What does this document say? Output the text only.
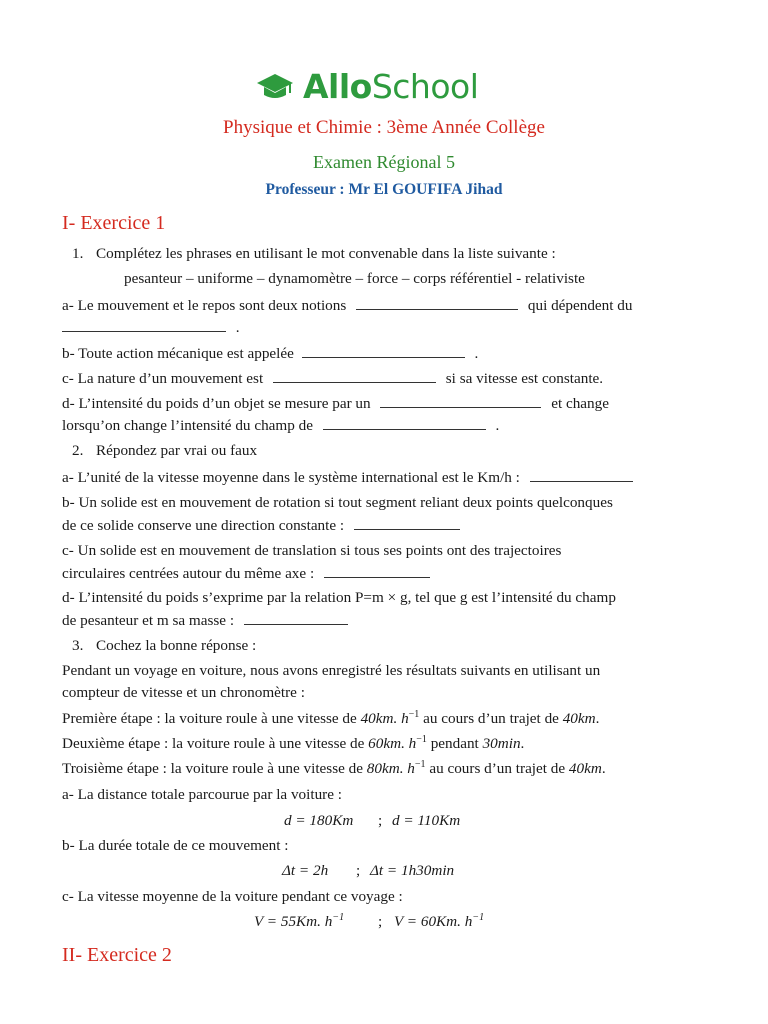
AlloSchool
Physique et Chimie : 3ème Année Collège
Examen Régional 5
Professeur : Mr El GOUFIFA Jihad
I- Exercice 1
1. Complétez les phrases en utilisant le mot convenable dans la liste suivante :
pesanteur – uniforme – dynamomètre – force – corps référentiel - relativiste
a- Le mouvement et le repos sont deux notions	qui dépendent du
.
b- Toute action mécanique est appelée	.
c- La nature d’un mouvement est	si sa vitesse est constante.
d- L’intensité du poids d’un objet se mesure par un	et change
lorsqu’on change l’intensité du champ de	.
2. Répondez par vrai ou faux
a- L’unité de la vitesse moyenne dans le système international est le Km/h :
b- Un solide est en mouvement de rotation si tout segment reliant deux points quelconques
de ce solide conserve une direction constante :
c- Un solide est en mouvement de translation si tous ses points ont des trajectoires
circulaires centrées autour du même axe :
d- L’intensité du poids s’exprime par la relation P=m × g, tel que g est l’intensité du champ
de pesanteur et m sa masse :
3. Cochez la bonne réponse :
Pendant un voyage en voiture, nous avons enregistré les résultats suivants en utilisant un
compteur de vitesse et un chronomètre :
Première étape : la voiture roule à une vitesse de 40km. $h^{-1}$ au cours d’un trajet de 40km.
Deuxième étape : la voiture roule à une vitesse de 60km. $h^{-1}$ pendant 30min.
Troisième étape : la voiture roule à une vitesse de 80km. $h^{-1}$ au cours d’un trajet de 40km.
a- La distance totale parcourue par la voiture :
d = 180Km ; d = 110Km
b- La durée totale de ce mouvement :
Δt = 2h ; Δt = 1h30min
c- La vitesse moyenne de la voiture pendant ce voyage :
V = 55Km. $h^{-1}$ ; V = 60Km. $h^{-1}$
II- Exercice 2
